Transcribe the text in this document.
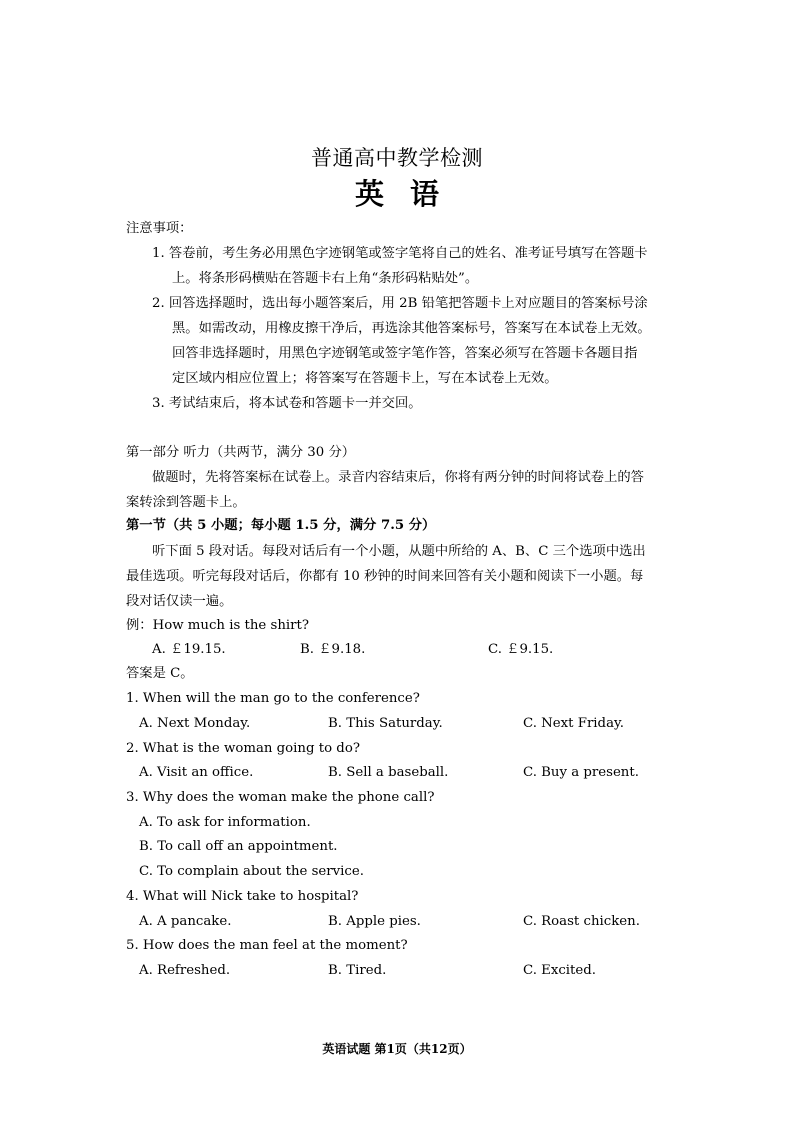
普通高中教学检测
英语
注意事项：
1. 答卷前，考生务必用黑色字迹钢笔或签字笔将自己的姓名、准考证号填写在答题卡
上。将条形码横贴在答题卡右上角“条形码粘贴处”。
2. 回答选择题时，选出每小题答案后，用 2B 铅笔把答题卡上对应题目的答案标号涂
黑。如需改动，用橡皮擦干净后，再选涂其他答案标号，答案写在本试卷上无效。
回答非选择题时，用黑色字迹钢笔或签字笔作答，答案必须写在答题卡各题目指
定区域内相应位置上；将答案写在答题卡上，写在本试卷上无效。
3. 考试结束后，将本试卷和答题卡一并交回。
第一部分 听力（共两节，满分 30 分）
做题时，先将答案标在试卷上。录音内容结束后，你将有两分钟的时间将试卷上的答
案转涂到答题卡上。
第一节（共 5 小题；每小题 1.5 分，满分 7.5 分）
听下面 5 段对话。每段对话后有一个小题，从题中所给的 A、B、C 三个选项中选出
最佳选项。听完每段对话后，你都有 10 秒钟的时间来回答有关小题和阅读下一小题。每
段对话仅读一遍。
例：How much is the shirt?
A. ￡19.15.	B. ￡9.18.	C. ￡9.15.
答案是 C。
1. When will the man go to the conference?
A. Next Monday.	B. This Saturday.	C. Next Friday.
2. What is the woman going to do?
A. Visit an office.	B. Sell a baseball.	C. Buy a present.
3. Why does the woman make the phone call?
A. To ask for information.
B. To call off an appointment.
C. To complain about the service.
4. What will Nick take to hospital?
A. A pancake.	B. Apple pies.	C. Roast chicken.
5. How does the man feel at the moment?
A. Refreshed.	B. Tired.	C. Excited.
英语试题 第1页（共12页）
